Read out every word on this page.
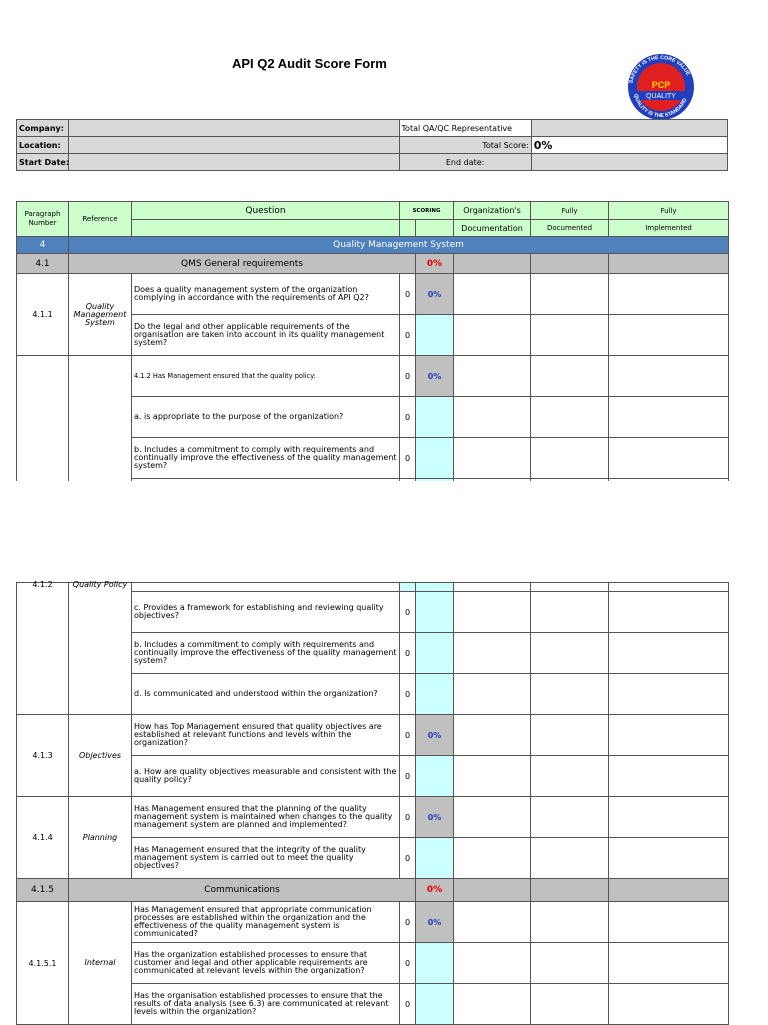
API Q2 Audit Score Form
SAFETY IS THE CORE VALUE
QUALITY IS THE STANDARD
PCP
QUALITY
Company:		Total QA/QC Representative	
Location:		Total Score:	0%
Start Date:		End date:	
Paragraph Number	Reference	Question	SCORING		Organization's	Fully	Fully
					Documentation	Documented	Implemented
4	Quality Management System						
4.1	QMS General requirements			0%			
4.1.1	Quality Management System	Does a quality management system of the organization complying in accordance with the requirements of API Q2?	0	0%			
		Do the legal and other applicable requirements of the organisation are taken into account in its quality management system?	0				
		4.1.2 Has Management ensured that the quality policy:	0	0%			
		a. is appropriate to the purpose of the organization?	0				
		b. Includes a commitment to comply with requirements and continually improve the effectiveness of the quality management system?	0				

4.1.2	Quality Policy						
		c. Provides a framework for establishing and reviewing quality objectives?	0				
		b. Includes a commitment to comply with requirements and continually improve the effectiveness of the quality management system?	0				
		d. Is communicated and understood within the organization?	0				
4.1.3	Objectives	How has Top Management ensured that quality objectives are established at relevant functions and levels within the organization?	0	0%			
		a. How are quality objectives measurable and consistent with the quality policy?	0				
4.1.4	Planning	Has Management ensured that the planning of the quality management system is maintained when changes to the quality management system are planned and implemented?	0	0%			
		Has Management ensured that the integrity of the quality management system is carried out to meet the quality objectives?	0				
4.1.5	Communications			0%			
4.1.5.1	Internal	Has Management ensured that appropriate communication processes are established within the organization and the effectiveness of the quality management system is communicated?	0	0%			
		Has the organization established processes to ensure that customer and legal and other applicable requirements are communicated at relevant levels within the organization?	0				
		Has the organisation established processes to ensure that the results of data analysis (see 6.3) are communicated at relevant levels within the organization?	0				
